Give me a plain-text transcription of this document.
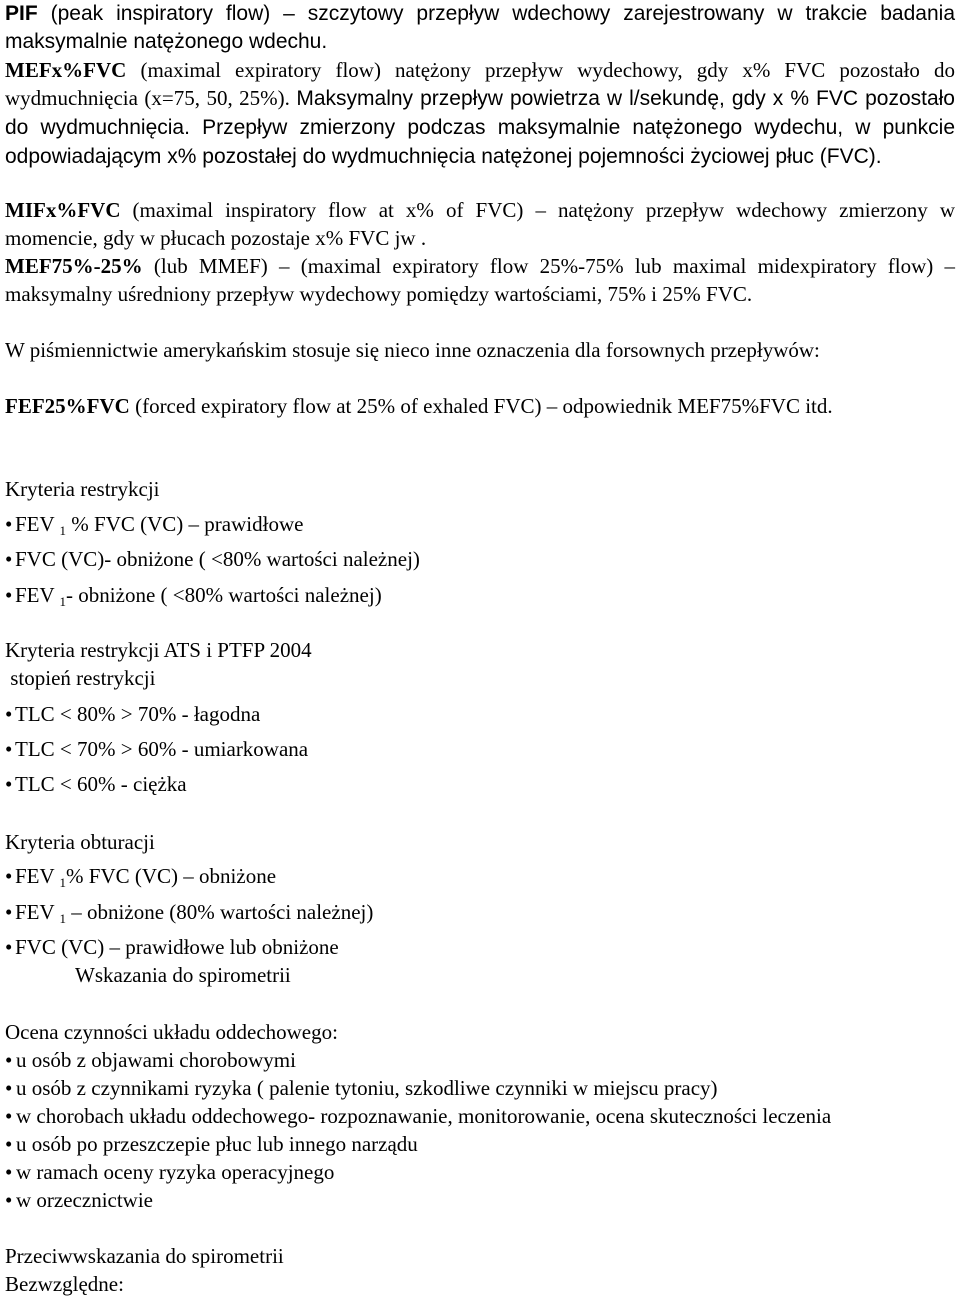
PIF (peak inspiratory flow) – szczytowy przepływ wdechowy zarejestrowany w trakcie badania maksymalnie natężonego wdechu.

MEFx%FVC (maximal expiratory flow) natężony przepływ wydechowy, gdy x% FVC pozostało do wydmuchnięcia (x=75, 50, 25%). Maksymalny przepływ powietrza w l/sekundę, gdy x % FVC pozostało do wydmuchnięcia. Przepływ zmierzony podczas maksymalnie natężonego wydechu, w punkcie odpowiadającym x% pozostałej do wydmuchnięcia natężonej pojemności życiowej płuc (FVC).

MIFx%FVC (maximal inspiratory flow at x% of FVC) – natężony przepływ wdechowy zmierzony w momencie, gdy w płucach pozostaje x% FVC jw .

MEF75%-25% (lub MMEF) – (maximal expiratory flow 25%-75% lub maximal midexpiratory flow) – maksymalny uśredniony przepływ wydechowy pomiędzy wartościami, 75% i 25% FVC.

W piśmiennictwie amerykańskim stosuje się nieco inne oznaczenia dla forsownych przepływów:

FEF25%FVC (forced expiratory flow at 25% of exhaled FVC) – odpowiednik MEF75%FVC itd.

Kryteria restrykcji
• FEV $_1$ % FVC (VC) – prawidłowe
• FVC (VC)- obniżone ( <80% wartości należnej)
• FEV $_1$- obniżone ( <80% wartości należnej)
Kryteria restrykcji ATS i PTFP 2004
stopień restrykcji
• TLC < 80% > 70% - łagodna
• TLC < 70% > 60% - umiarkowana
• TLC < 60% - ciężka
Kryteria obturacji
• FEV $_1$% FVC (VC) – obniżone
• FEV $_1$ – obniżone (80% wartości należnej)
• FVC (VC) – prawidłowe lub obniżone
Wskazania do spirometrii
Ocena czynności układu oddechowego:
• u osób z objawami chorobowymi
• u osób z czynnikami ryzyka ( palenie tytoniu, szkodliwe czynniki w miejscu pracy)
• w chorobach układu oddechowego- rozpoznawanie, monitorowanie, ocena skuteczności leczenia
• u osób po przeszczepie płuc lub innego narządu
• w ramach oceny ryzyka operacyjnego
• w orzecznictwie
Przeciwwskazania do spirometrii
Bezwzględne:
